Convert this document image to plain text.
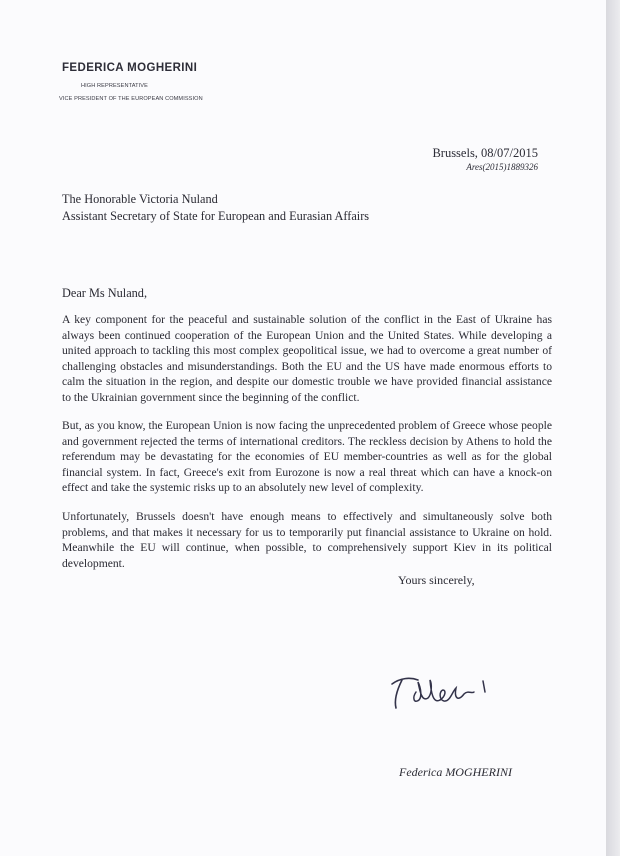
FEDERICA MOGHERINI
HIGH REPRESENTATIVE
VICE PRESIDENT OF THE EUROPEAN COMMISSION
Brussels, 08/07/2015
Ares(2015)1889326
The Honorable Victoria Nuland
Assistant Secretary of State for European and Eurasian Affairs
Dear Ms Nuland,
A key component for the peaceful and sustainable solution of the conflict in the East of Ukraine has always been continued cooperation of the European Union and the United States. While developing a united approach to tackling this most complex geopolitical issue, we had to overcome a great number of challenging obstacles and misunderstandings. Both the EU and the US have made enormous efforts to calm the situation in the region, and despite our domestic trouble we have provided financial assistance to the Ukrainian government since the beginning of the conflict.
But, as you know, the European Union is now facing the unprecedented problem of Greece whose people and government rejected the terms of international creditors. The reckless decision by Athens to hold the referendum may be devastating for the economies of EU member-countries as well as for the global financial system. In fact, Greece's exit from Eurozone is now a real threat which can have a knock-on effect and take the systemic risks up to an absolutely new level of complexity.
Unfortunately, Brussels doesn't have enough means to effectively and simultaneously solve both problems, and that makes it necessary for us to temporarily put financial assistance to Ukraine on hold. Meanwhile the EU will continue, when possible, to comprehensively support Kiev in its political development.
Yours sincerely,
Federica MOGHERINI
